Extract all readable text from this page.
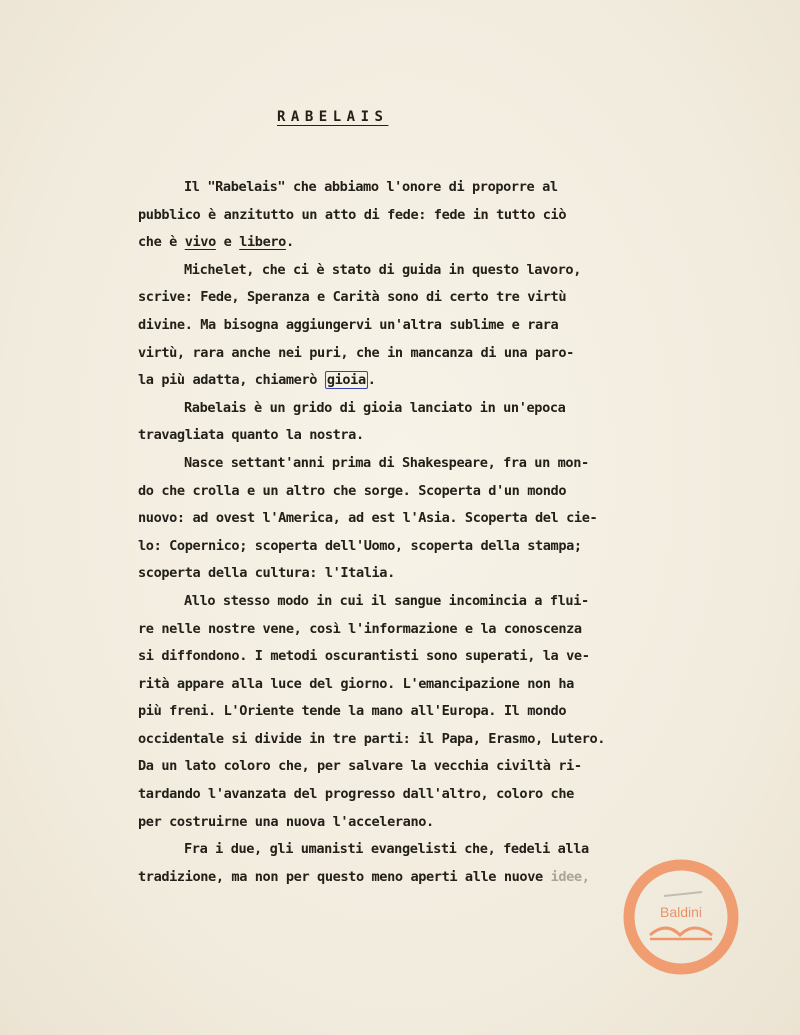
RABELAIS
Il "Rabelais" che abbiamo l'onore di proporre al
pubblico è anzitutto un atto di fede: fede in tutto ciò
che è vivo e libero.
Michelet, che ci è stato di guida in questo lavoro,
scrive: Fede, Speranza e Carità sono di certo tre virtù
divine. Ma bisogna aggiungervi un'altra sublime e rara
virtù, rara anche nei puri, che in mancanza di una paro-
la più adatta, chiamerò gioia .
Rabelais è un grido di gioia lanciato in un'epoca
travagliata quanto la nostra.
Nasce settant'anni prima di Shakespeare, fra un mon-
do che crolla e un altro che sorge. Scoperta d'un mondo
nuovo: ad ovest l'America, ad est l'Asia. Scoperta del cie-
lo: Copernico; scoperta dell'Uomo, scoperta della stampa;
scoperta della cultura: l'Italia.
Allo stesso modo in cui il sangue incomincia a flui-
re nelle nostre vene, così l'informazione e la conoscenza
si diffondono. I metodi oscurantisti sono superati, la ve-
rità appare alla luce del giorno. L'emancipazione non ha
più freni. L'Oriente tende la mano all'Europa. Il mondo
occidentale si divide in tre parti: il Papa, Erasmo, Lutero.
Da un lato coloro che, per salvare la vecchia civiltà ri-
tardando l'avanzata del progresso dall'altro, coloro che
per costruirne una nuova l'accelerano.
Fra i due, gli umanisti evangelisti che, fedeli alla
tradizione, ma non per questo meno aperti alle nuove idee,
Baldini
